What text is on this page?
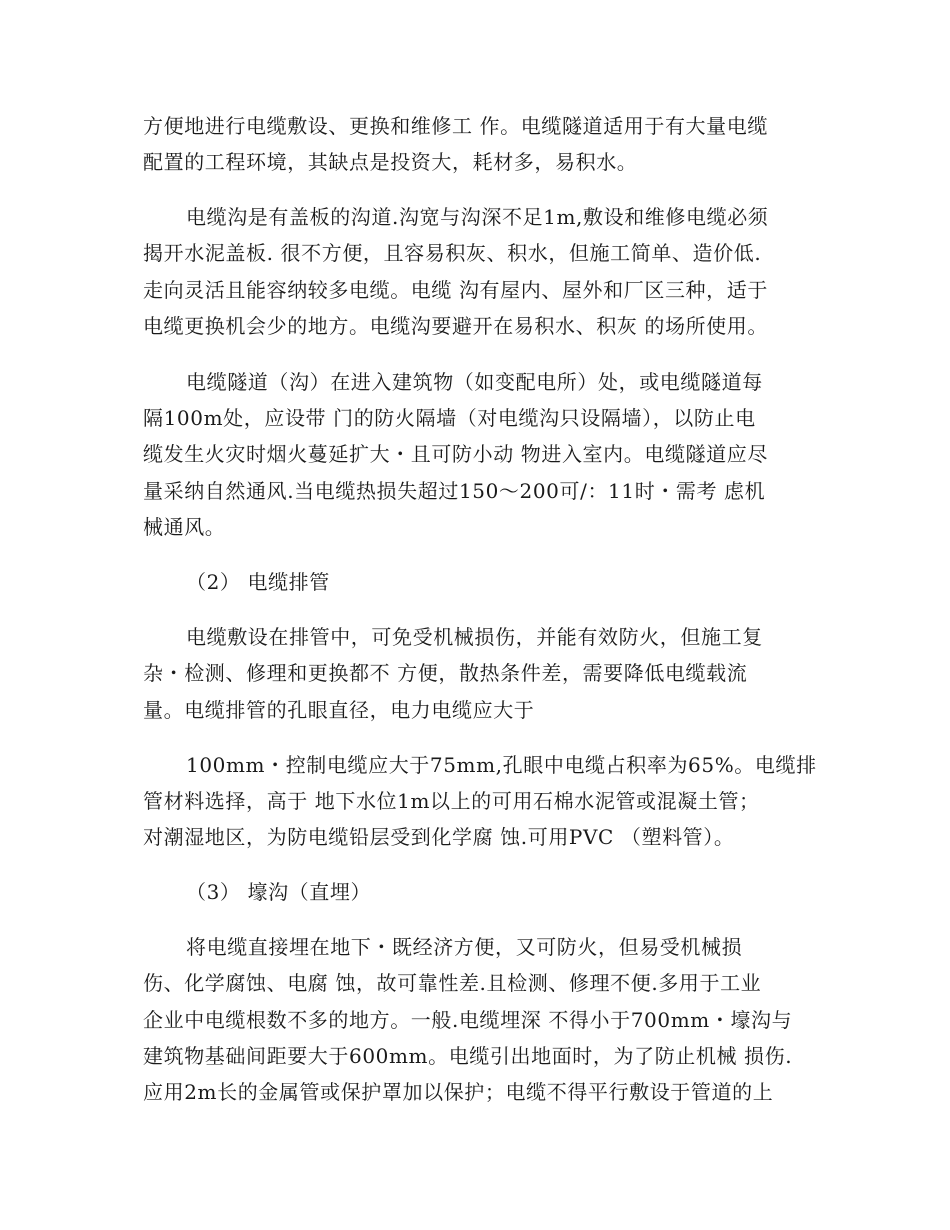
方便地进行电缆敷设、更换和维修工 作。电缆隧道适用于有大量电缆
配置的工程环境，其缺点是投资大，耗材多，易积水。
电缆沟是有盖板的沟道.沟宽与沟深不足1m,敷设和维修电缆必须
揭开水泥盖板. 很不方便，且容易积灰、积水，但施工简单、造价低.
走向灵活且能容纳较多电缆。电缆 沟有屋内、屋外和厂区三种，适于
电缆更换机会少的地方。电缆沟要避开在易积水、积灰 的场所使用。
电缆隧道（沟）在进入建筑物（如变配电所）处，或电缆隧道每
隔100m处，应设带 门的防火隔墙（对电缆沟只设隔墙），以防止电
缆发生火灾时烟火蔓延扩大・且可防小动 物进入室内。电缆隧道应尽
量采纳自然通风.当电缆热损失超过150〜200可/：11时・需考 虑机
械通风。
（2） 电缆排管
电缆敷设在排管中，可免受机械损伤，并能有效防火，但施工复
杂・检测、修理和更换都不 方便，散热条件差，需要降低电缆载流
量。电缆排管的孔眼直径，电力电缆应大于
100mm・控制电缆应大于75mm,孔眼中电缆占积率为65%。电缆排
管材料选择，高于 地下水位1m以上的可用石棉水泥管或混凝土管；
对潮湿地区，为防电缆铅层受到化学腐 蚀.可用PVC （塑料管）。
（3） 壕沟（直埋）
将电缆直接埋在地下・既经济方便，又可防火，但易受机械损
伤、化学腐蚀、电腐 蚀，故可靠性差.且检测、修理不便.多用于工业
企业中电缆根数不多的地方。一般.电缆埋深 不得小于700mm・壕沟与
建筑物基础间距要大于600mm。电缆引出地面时，为了防止机械 损伤.
应用2m长的金属管或保护罩加以保护；电缆不得平行敷设于管道的上
